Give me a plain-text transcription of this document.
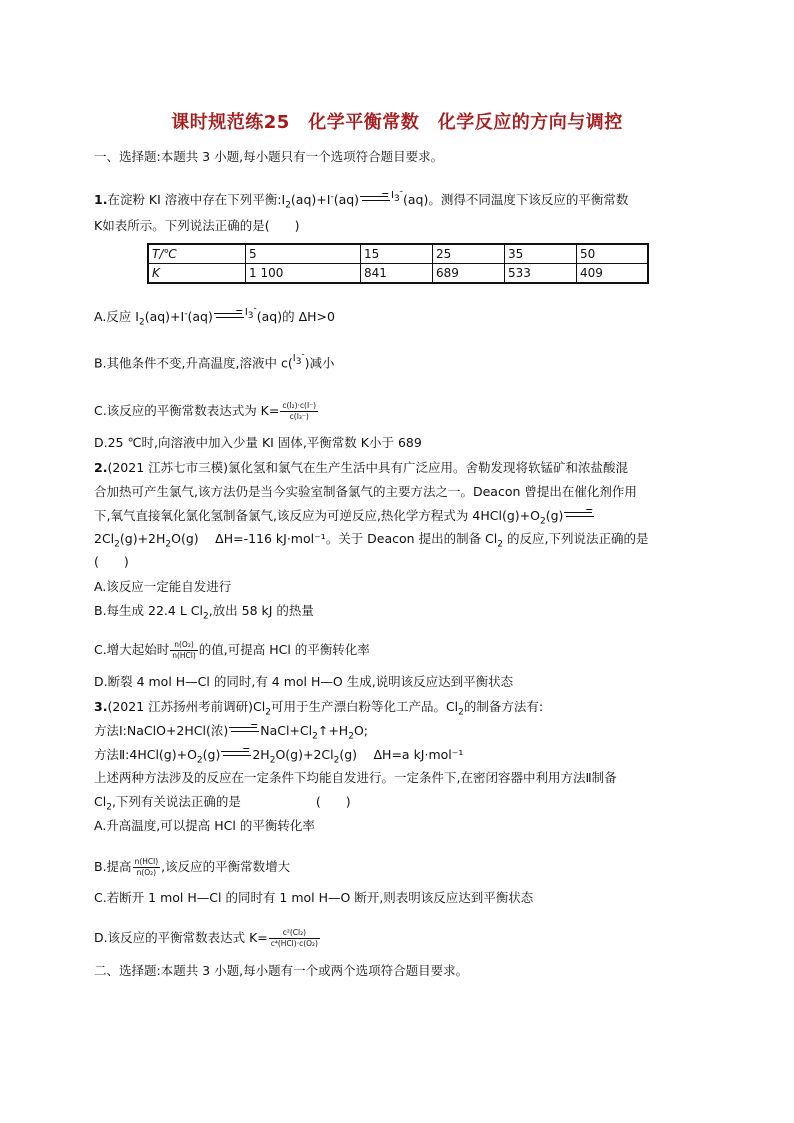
课时规范练25　化学平衡常数　化学反应的方向与调控
一、选择题:本题共 3 小题,每小题只有一个选项符合题目要求。
1.在淀粉 KI 溶液中存在下列平衡$:I_2(aq)+I^-(aq)\to^{I_3^-}(aq)$。测得不同温度下该反应的平衡常数
K如表所示。下列说法正确的是(　　)
T/℃	5	15	25	35	50
K	1 100	841	689	533	409
A.反应 $I_2(aq)+I^-(aq)\to^{I_3^-}(aq)$的 ΔH>0
B.其他条件不变,升高温度,溶液中 c($^{I_3^-}$)减小
C.该反应的平衡常数表达式为 $K= \frac{\text{c(I₂)·c(I⁻)}}{\text{c(I₃⁻)}}$
D.25 ℃时,向溶液中加入少量 KI 固体,平衡常数 K小于 689
2.(2021 江苏七市三模)氯化氢和氯气在生产生活中具有广泛应用。舍勒发现将软锰矿和浓盐酸混
合加热可产生氯气,该方法仍是当今实验室制备氯气的主要方法之一。Deacon 曾提出在催化剂作用
下,氧气直接氧化氯化氢制备氯气,该反应为可逆反应,热化学方程式为 $4HCl(g)+O_2(g)\to$
$2Cl_2(g)+2H_2O(g)$　 ΔH=-116 kJ·mol⁻¹。关于 Deacon 提出的制备 $Cl_2$ 的反应,下列说法正确的是
(　　)
A.该反应一定能自发进行
B.每生成 22.4 L $Cl_2$,放出 58 kJ 的热量
C.增大起始时 $\frac{\text{n(O₂)}}{\text{n(HCl)}}$ 的值,可提高 HCl 的平衡转化率
D.断裂 4 mol H—Cl 的同时,有 4 mol H—O 生成,说明该反应达到平衡状态
3.(2021 江苏扬州考前调研)$Cl_2$可用于生产漂白粉等化工产品。$Cl_2$的制备方法有:
方法Ⅰ:NaClO+2HCl(浓)$\to NaCl+Cl_2↑+H_2O$;
方法$Ⅱ:4HCl(g)+O_2(g)\to 2H_2O(g)+2Cl_2(g)$　 ΔH=a kJ·mol⁻¹
上述两种方法涉及的反应在一定条件下均能自发进行。一定条件下,在密闭容器中利用方法Ⅱ制备
$Cl_2$,下列有关说法正确的是　　　　　　(　　)
A.升高温度,可以提高 HCl 的平衡转化率
B.提高 $\frac{\text{n(HCl)}}{\text{n(O₂)}}$ ,该反应的平衡常数增大
C.若断开 1 mol H—Cl 的同时有 1 mol H—O 断开,则表明该反应达到平衡状态
D.该反应的平衡常数表达式 $K= \frac{\text{c²(Cl₂)}}{\text{c⁴(HCl)·c(O₂)}}$
二、选择题:本题共 3 小题,每小题有一个或两个选项符合题目要求。
